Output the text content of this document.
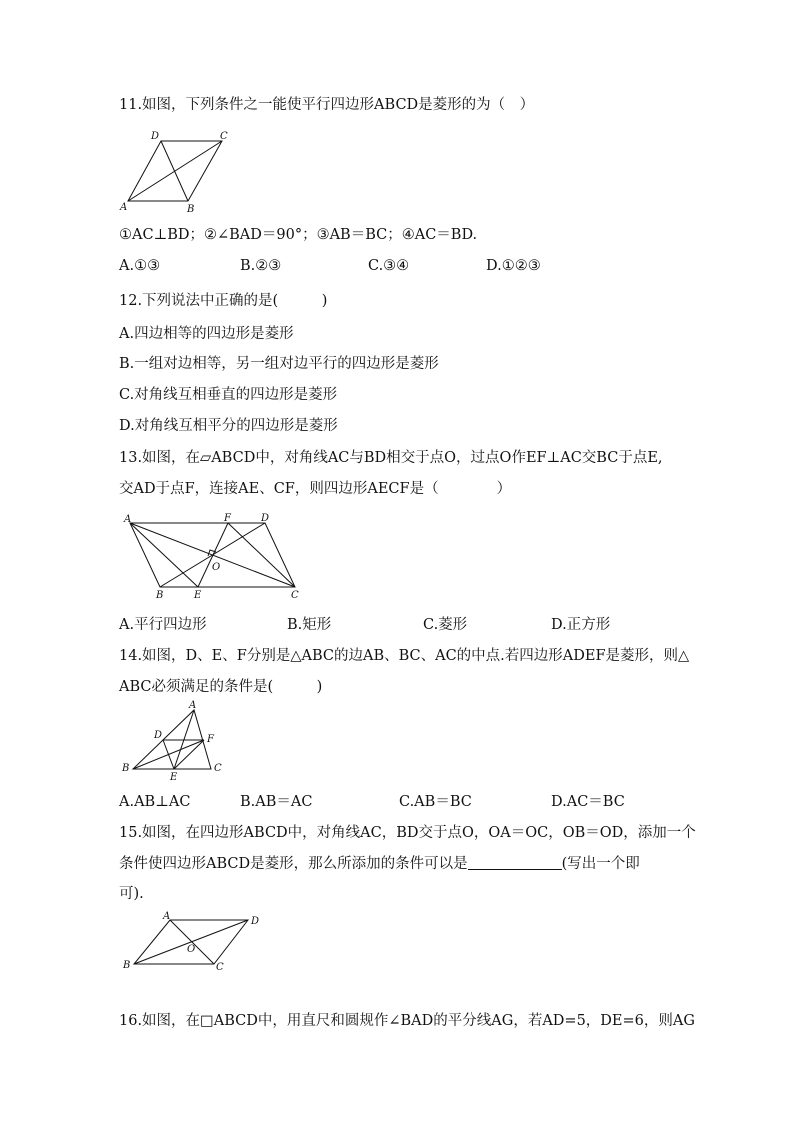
11.如图，下列条件之一能使平行四边形ABCD是菱形的为（　）
D	C
A	B
①AC⊥BD；②∠BAD＝90°；③AB＝BC；④AC＝BD.
A.①③	B.②③	C.③④	D.①②③
12.下列说法中正确的是(　　　)
A.四边相等的四边形是菱形
B.一组对边相等，另一组对边平行的四边形是菱形
C.对角线互相垂直的四边形是菱形
D.对角线互相平分的四边形是菱形
13.如图，在▱ABCD中，对角线AC与BD相交于点O，过点O作EF⊥AC交BC于点E,
交AD于点F，连接AE、CF，则四边形AECF是（　　　　）
A	F	D
O
B	E	C
A.平行四边形	B.矩形	C.菱形	D.正方形
14.如图，D、E、F分别是△ABC的边AB、BC、AC的中点.若四边形ADEF是菱形，则△
ABC必须满足的条件是(　　　)
A
D	F
B
E
C
A.AB⊥AC	B.AB＝AC	C.AB＝BC	D.AC＝BC
15.如图，在四边形ABCD中，对角线AC，BD交于点O，OA＝OC，OB＝OD，添加一个
条件使四边形ABCD是菱形，那么所添加的条件可以是	(写出一个即
可).
A	D
O
B	C
16.如图，在□ABCD中，用直尺和圆规作∠BAD的平分线AG，若AD=5，DE=6，则AG
